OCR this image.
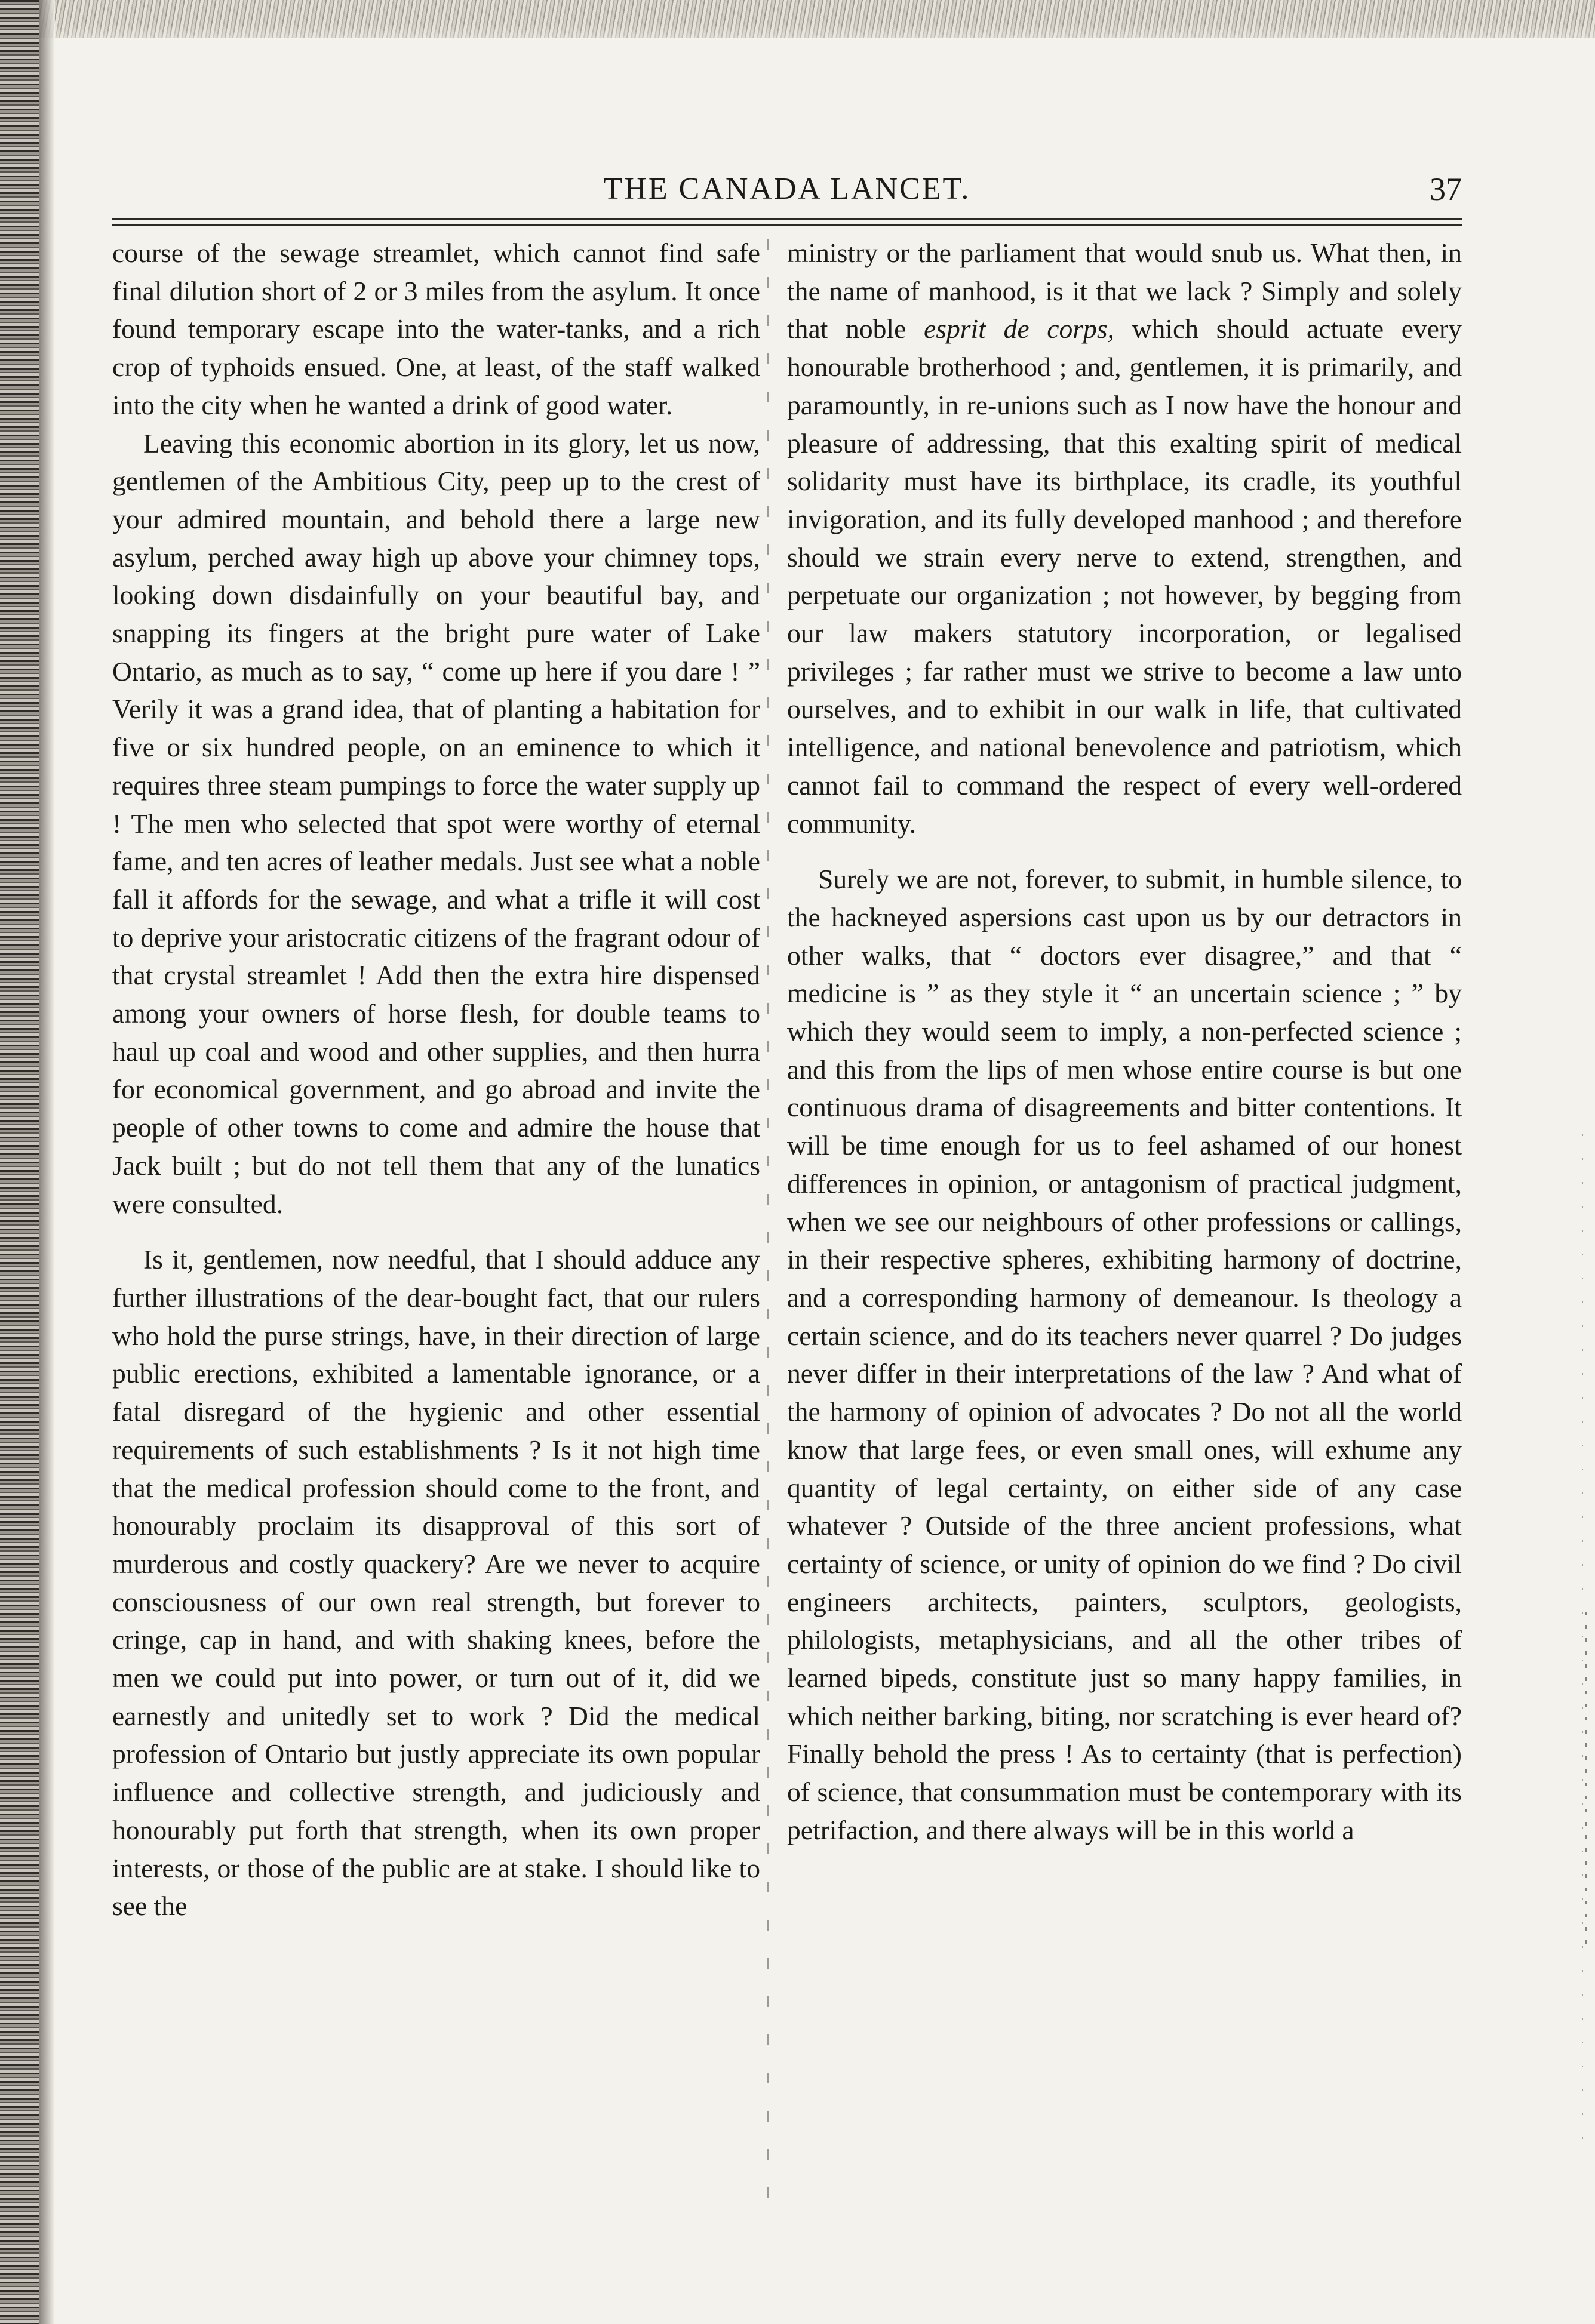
THE CANADA LANCET.	37

course of the sewage streamlet, which cannot find safe final dilution short of 2 or 3 miles from the asylum. It once found temporary escape into the water-tanks, and a rich crop of typhoids ensued. One, at least, of the staff walked into the city when he wanted a drink of good water.

Leaving this economic abortion in its glory, let us now, gentlemen of the Ambitious City, peep up to the crest of your admired mountain, and behold there a large new asylum, perched away high up above your chimney tops, looking down disdainfully on your beautiful bay, and snapping its fingers at the bright pure water of Lake Ontario, as much as to say, “ come up here if you dare ! ” Verily it was a grand idea, that of planting a habitation for five or six hundred people, on an eminence to which it requires three steam pumpings to force the water supply up ! The men who selected that spot were worthy of eternal fame, and ten acres of leather medals. Just see what a noble fall it affords for the sewage, and what a trifle it will cost to deprive your aristocratic citizens of the fragrant odour of that crystal streamlet ! Add then the extra hire dispensed among your owners of horse flesh, for double teams to haul up coal and wood and other supplies, and then hurra for economical government, and go abroad and invite the people of other towns to come and admire the house that Jack built ; but do not tell them that any of the lunatics were consulted.

Is it, gentlemen, now needful, that I should adduce any further illustrations of the dear-bought fact, that our rulers who hold the purse strings, have, in their direction of large public erections, exhibited a lamentable ignorance, or a fatal disregard of the hygienic and other essential requirements of such establishments ? Is it not high time that the medical profession should come to the front, and honourably proclaim its disapproval of this sort of murderous and costly quackery? Are we never to acquire consciousness of our own real strength, but forever to cringe, cap in hand, and with shaking knees, before the men we could put into power, or turn out of it, did we earnestly and unitedly set to work ? Did the medical profession of Ontario but justly appreciate its own popular influence and collective strength, and judiciously and honourably put forth that strength, when its own proper interests, or those of the public are at stake. I should like to see the

ministry or the parliament that would snub us. What then, in the name of manhood, is it that we lack ? Simply and solely that noble esprit de corps, which should actuate every honourable brotherhood ; and, gentlemen, it is primarily, and paramountly, in re-unions such as I now have the honour and pleasure of addressing, that this exalting spirit of medical solidarity must have its birthplace, its cradle, its youthful invigoration, and its fully developed manhood ; and therefore should we strain every nerve to extend, strengthen, and perpetuate our organization ; not however, by begging from our law makers statutory incorporation, or legalised privileges ; far rather must we strive to become a law unto ourselves, and to exhibit in our walk in life, that cultivated intelligence, and national benevolence and patriotism, which cannot fail to command the respect of every well-ordered community.

Surely we are not, forever, to submit, in humble silence, to the hackneyed aspersions cast upon us by our detractors in other walks, that “ doctors ever disagree,” and that “ medicine is ” as they style it “ an uncertain science ; ” by which they would seem to imply, a non-perfected science ; and this from the lips of men whose entire course is but one continuous drama of disagreements and bitter contentions. It will be time enough for us to feel ashamed of our honest differences in opinion, or antagonism of practical judgment, when we see our neighbours of other professions or callings, in their respective spheres, exhibiting harmony of doctrine, and a corresponding harmony of demeanour. Is theology a certain science, and do its teachers never quarrel ? Do judges never differ in their interpretations of the law ? And what of the harmony of opinion of advocates ? Do not all the world know that large fees, or even small ones, will exhume any quantity of legal certainty, on either side of any case whatever ? Outside of the three ancient professions, what certainty of science, or unity of opinion do we find ? Do civil engineers architects, painters, sculptors, geologists, philologists, metaphysicians, and all the other tribes of learned bipeds, constitute just so many happy families, in which neither barking, biting, nor scratching is ever heard of? Finally behold the press ! As to certainty (that is perfection) of science, that consummation must be contemporary with its petrifaction, and there always will be in this world a
